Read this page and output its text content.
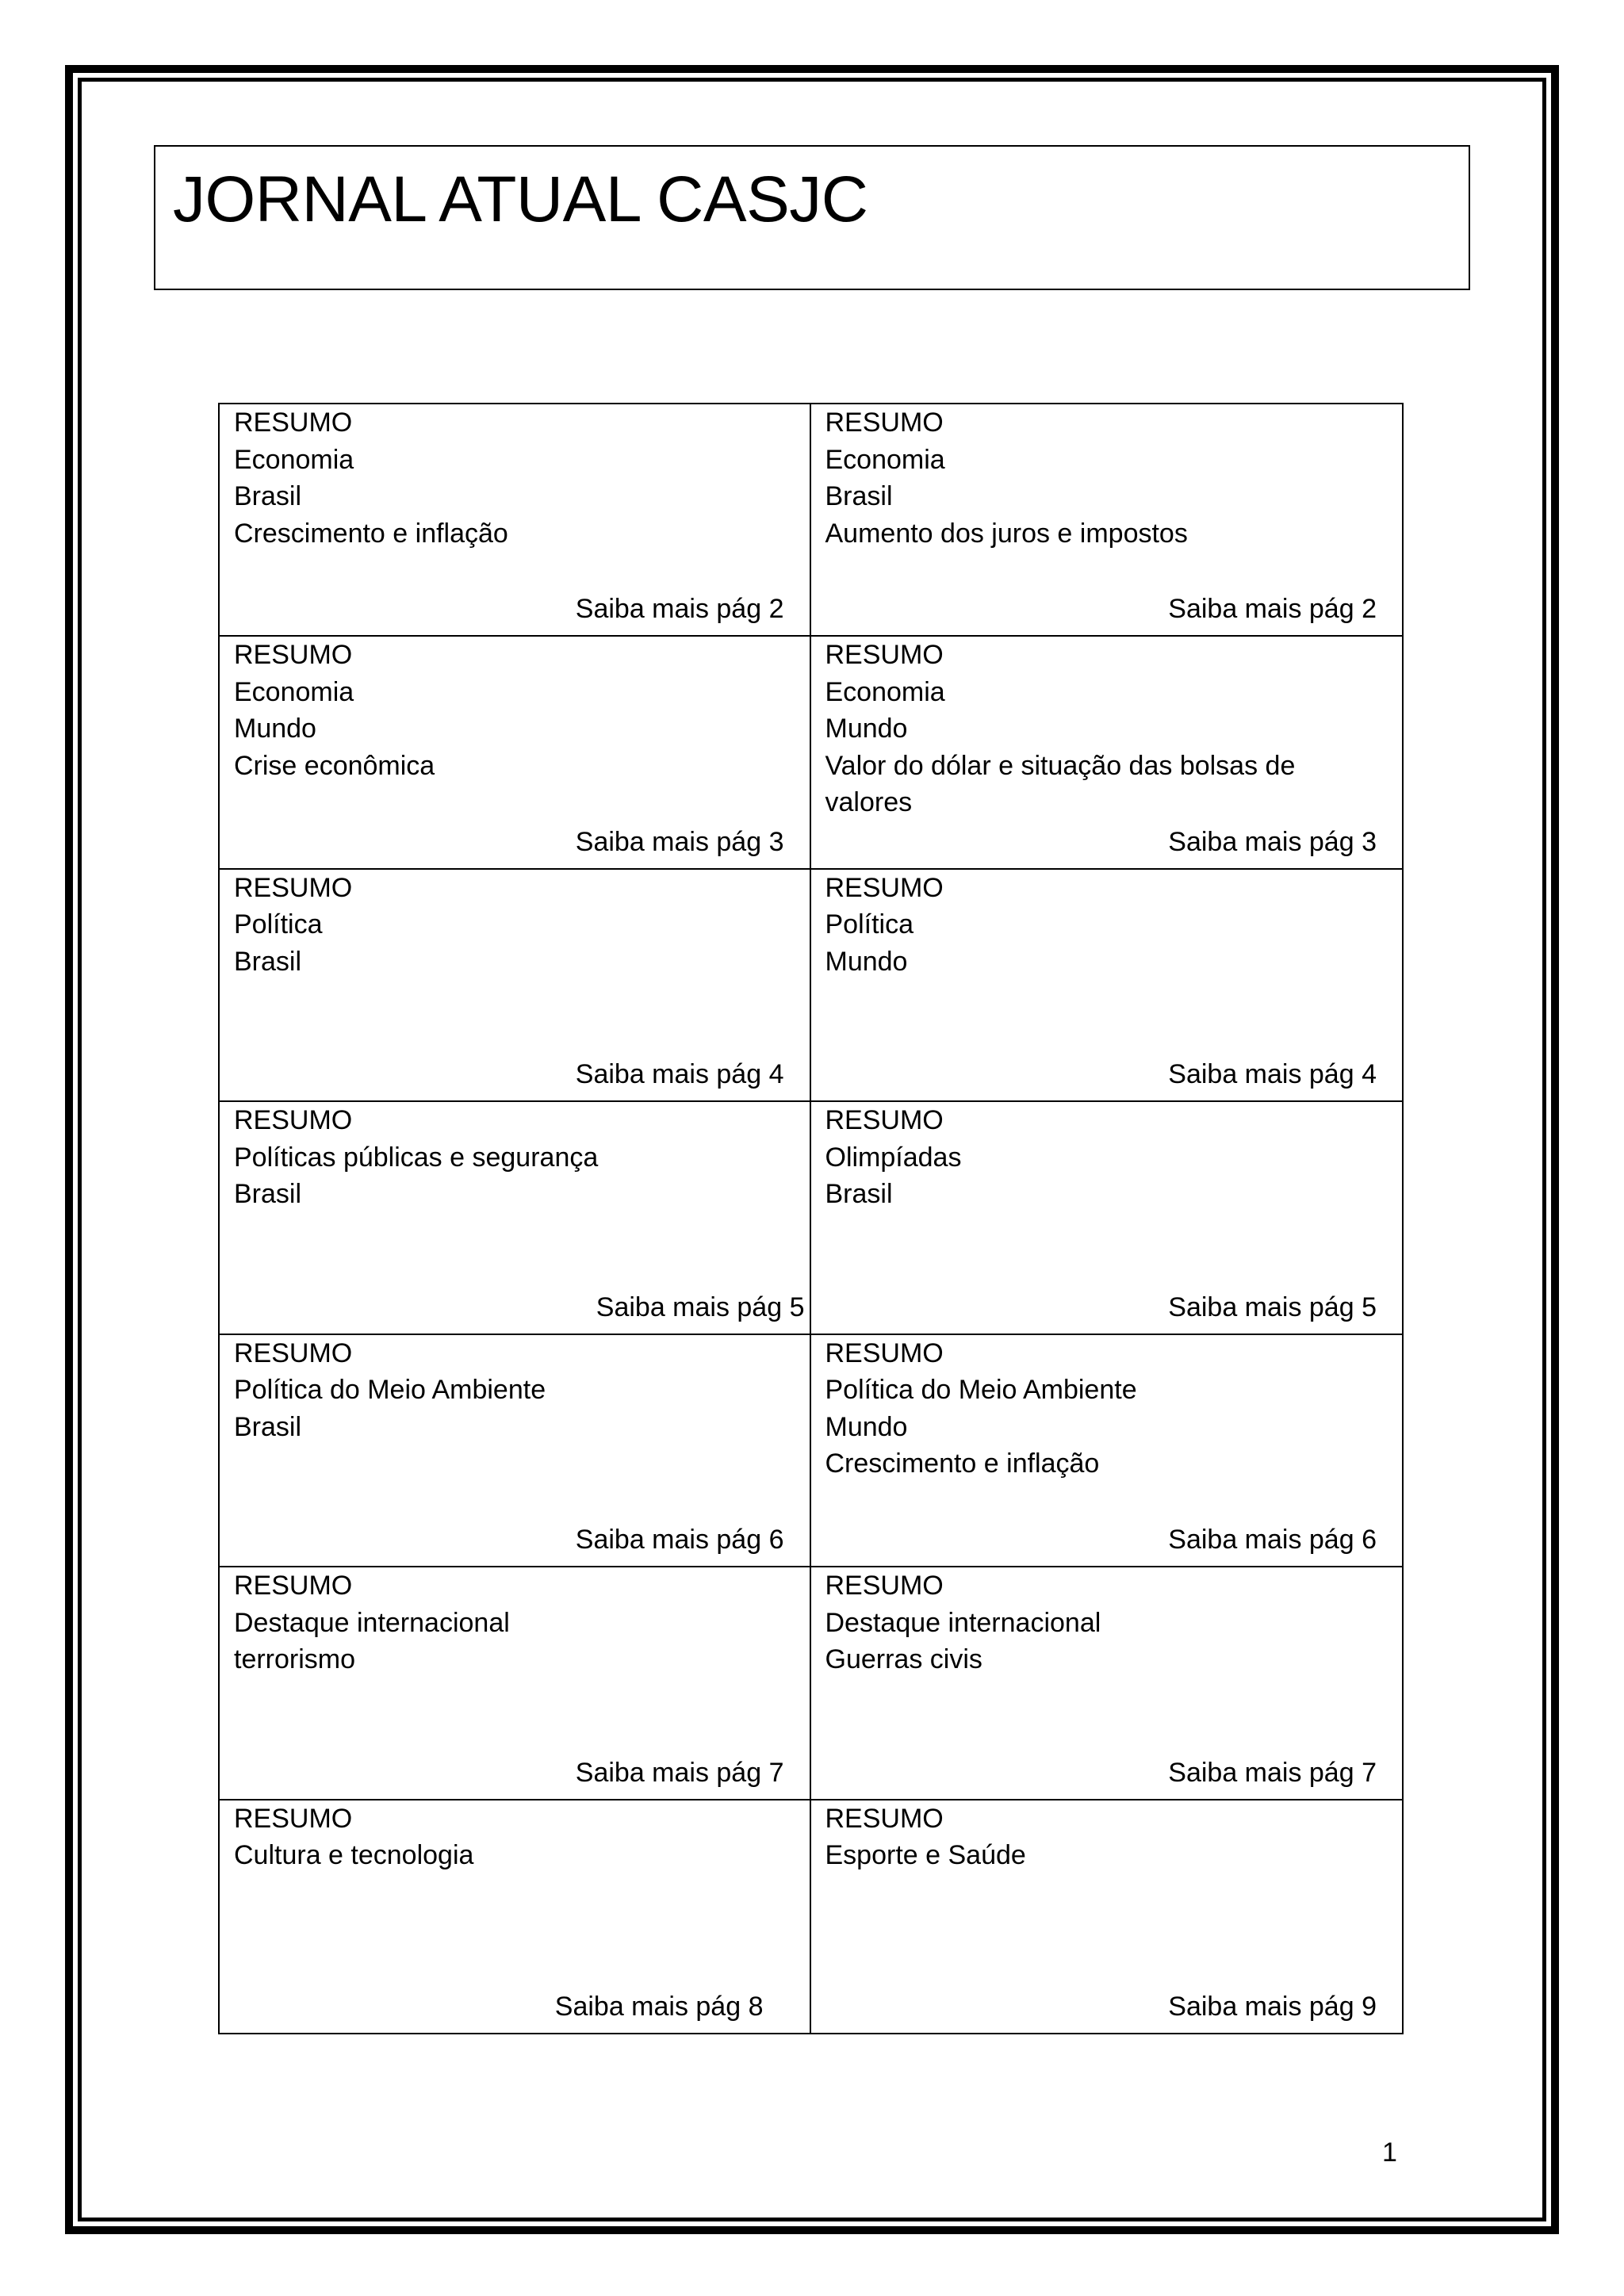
JORNAL ATUAL CASJC
RESUMO
Economia
Brasil
Crescimento e inflação
Saiba mais pág 2
RESUMO
Economia
Brasil
Aumento dos juros e impostos
Saiba mais pág 2
RESUMO
Economia
Mundo
Crise econômica
Saiba mais pág 3
RESUMO
Economia
Mundo
Valor do dólar e situação das bolsas de valores
Saiba mais pág 3
RESUMO
Política
Brasil
Saiba mais pág 4
RESUMO
Política
Mundo
Saiba mais pág 4
RESUMO
Políticas públicas e segurança
Brasil
Saiba mais pág 5
RESUMO
Olimpíadas
Brasil
Saiba mais pág 5
RESUMO
Política do Meio Ambiente
Brasil
Saiba mais pág 6
RESUMO
Política do Meio Ambiente
Mundo
Crescimento e inflação
Saiba mais pág 6
RESUMO
Destaque internacional
terrorismo
Saiba mais pág 7
RESUMO
Destaque internacional
Guerras civis
Saiba mais pág 7
RESUMO
Cultura e tecnologia
Saiba mais pág 8
RESUMO
Esporte e Saúde
Saiba mais pág 9
1
